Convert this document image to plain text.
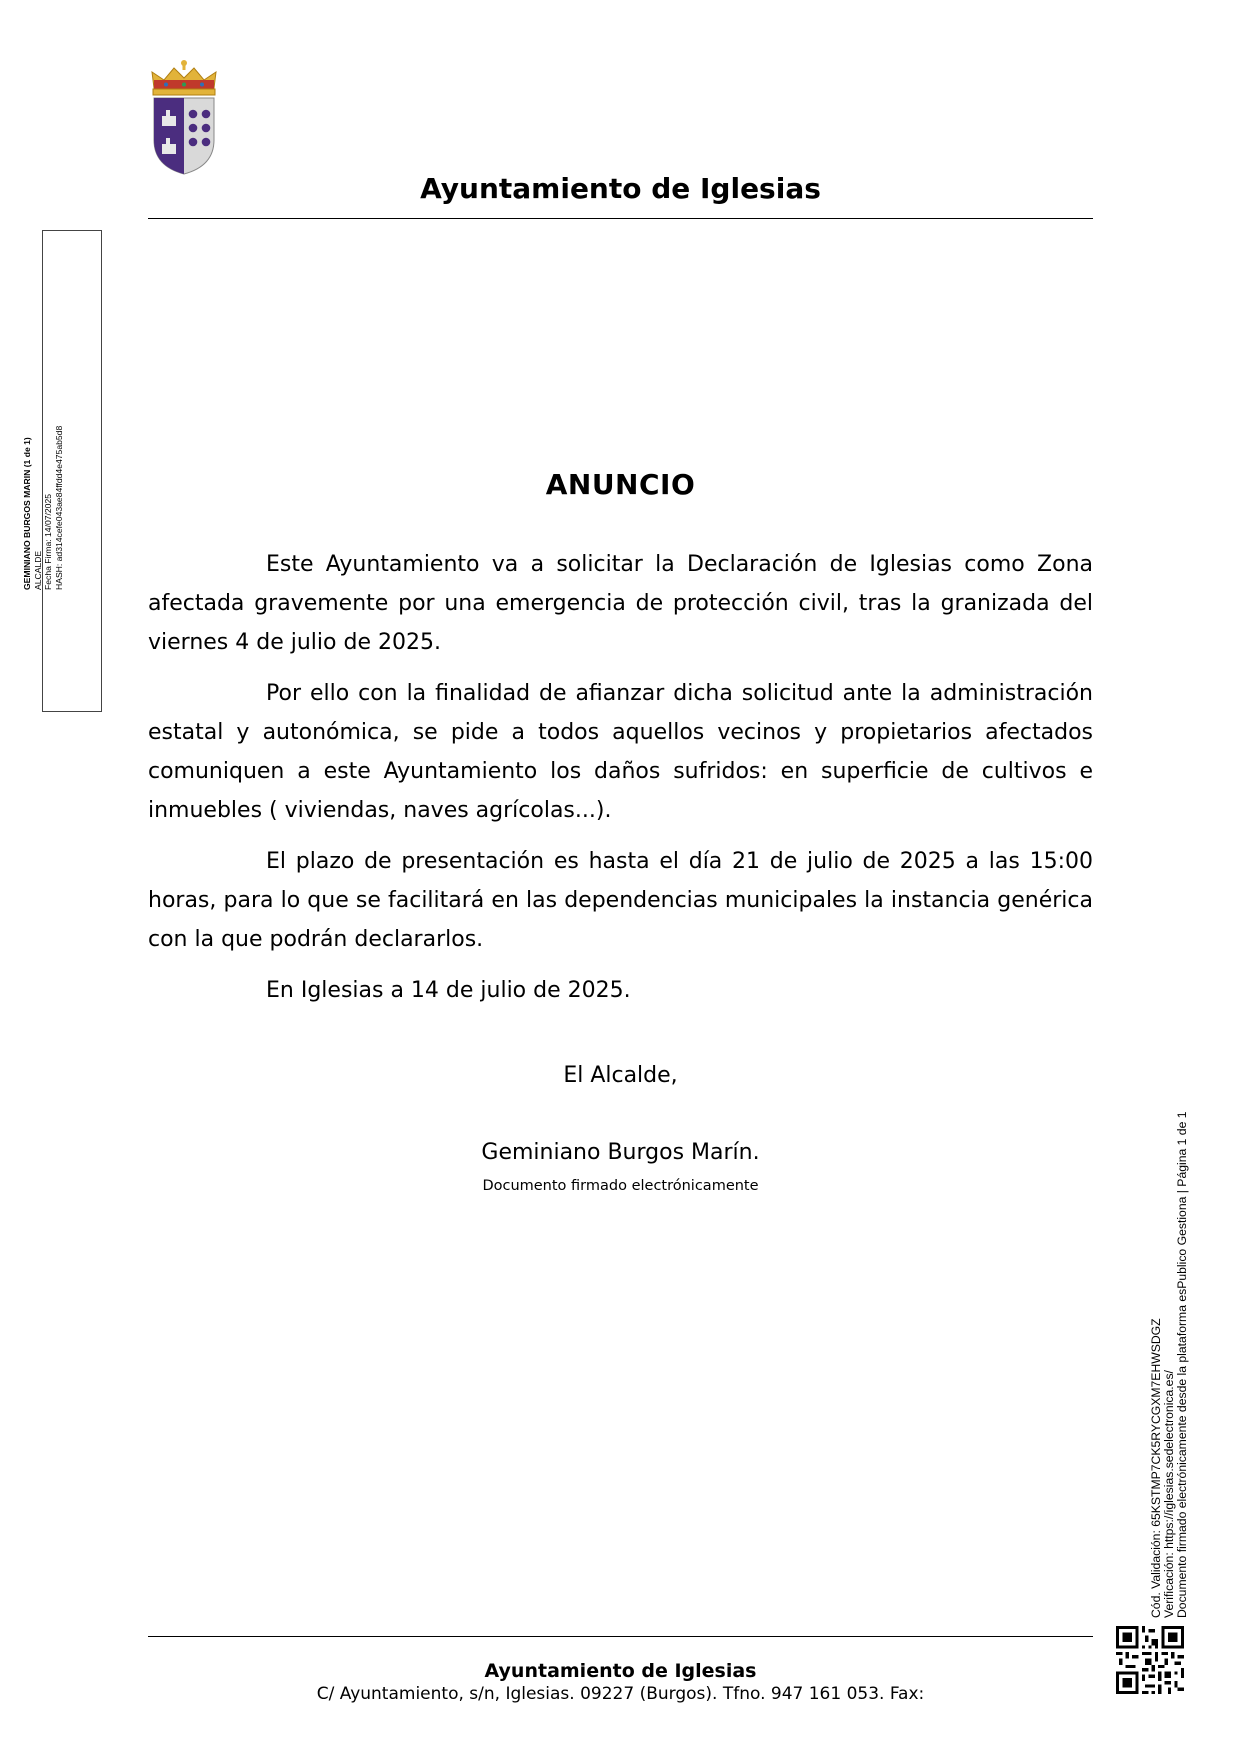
Ayuntamiento de Iglesias
GEMINIANO BURGOS MARIN (1 de 1) ALCALDE Fecha Firma: 14/07/2025 HASH: ad314cefe043ae84ffdd4e475ab5d8	ANUNCIO

Este Ayuntamiento va a solicitar la Declaración de Iglesias como Zona afectada gravemente por una emergencia de protección civil, tras la granizada del viernes 4 de julio de 2025.

Por ello con la finalidad de afianzar dicha solicitud ante la administración estatal y autonómica, se pide a todos aquellos vecinos y propietarios afectados comuniquen a este Ayuntamiento los daños sufridos: en superficie de cultivos e inmuebles ( viviendas, naves agrícolas...).

El plazo de presentación es hasta el día 21 de julio de 2025 a las 15:00 horas, para lo que se facilitará en las dependencias municipales la instancia genérica con la que podrán declararlos.

En Iglesias a 14 de julio de 2025.

El Alcalde,
Geminiano Burgos Marín.
Documento firmado electrónicamente
Cód. Validación: 65KSTMP7CK5RYCGXM7EHWSDGZ Verificación: https://iglesias.sedelectronica.es/ Documento firmado electrónicamente desde la plataforma esPublico Gestiona | Página 1 de 1
Ayuntamiento de Iglesias
C/ Ayuntamiento, s/n, Iglesias. 09227 (Burgos). Tfno. 947 161 053. Fax:
